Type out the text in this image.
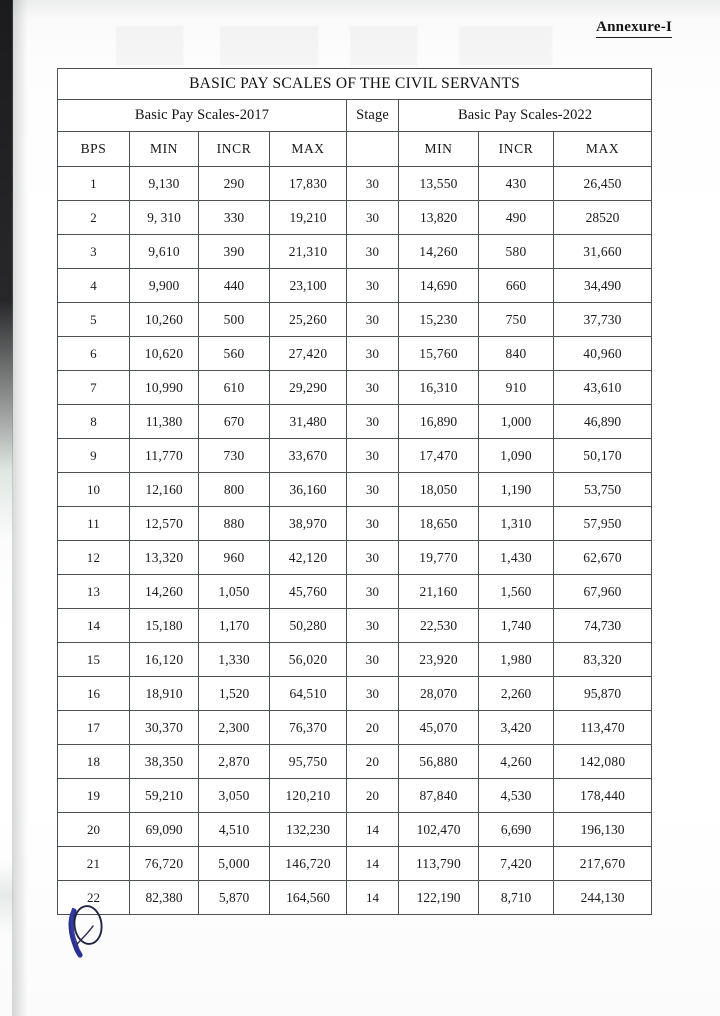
Annexure-I
BASIC PAY SCALES OF THE CIVIL SERVANTS							
Basic Pay Scales-2017				Stage	Basic Pay Scales-2022		
BPS	MIN	INCR	MAX		MIN	INCR	MAX
1	9,130	290	17,830	30	13,550	430	26,450
2	9, 310	330	19,210	30	13,820	490	28520
3	9,610	390	21,310	30	14,260	580	31,660
4	9,900	440	23,100	30	14,690	660	34,490
5	10,260	500	25,260	30	15,230	750	37,730
6	10,620	560	27,420	30	15,760	840	40,960
7	10,990	610	29,290	30	16,310	910	43,610
8	11,380	670	31,480	30	16,890	1,000	46,890
9	11,770	730	33,670	30	17,470	1,090	50,170
10	12,160	800	36,160	30	18,050	1,190	53,750
11	12,570	880	38,970	30	18,650	1,310	57,950
12	13,320	960	42,120	30	19,770	1,430	62,670
13	14,260	1,050	45,760	30	21,160	1,560	67,960
14	15,180	1,170	50,280	30	22,530	1,740	74,730
15	16,120	1,330	56,020	30	23,920	1,980	83,320
16	18,910	1,520	64,510	30	28,070	2,260	95,870
17	30,370	2,300	76,370	20	45,070	3,420	113,470
18	38,350	2,870	95,750	20	56,880	4,260	142,080
19	59,210	3,050	120,210	20	87,840	4,530	178,440
20	69,090	4,510	132,230	14	102,470	6,690	196,130
21	76,720	5,000	146,720	14	113,790	7,420	217,670
22	82,380	5,870	164,560	14	122,190	8,710	244,130
